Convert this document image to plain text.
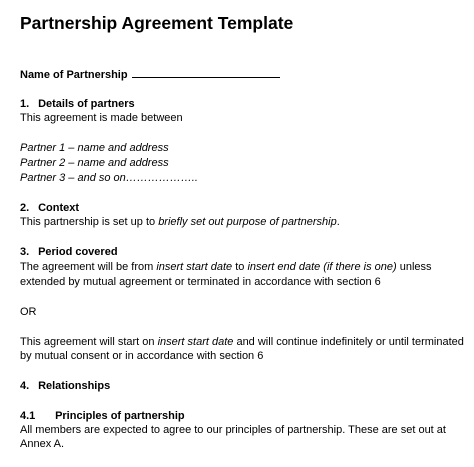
Partnership Agreement Template
Name of Partnership
1. Details of partners
This agreement is made between
Partner 1 – name and address
Partner 2 – name and address
Partner 3 – and so on………………..
2. Context
This partnership is set up to briefly set out purpose of partnership.
3. Period covered
The agreement will be from insert start date to insert end date (if there is one) unless
extended by mutual agreement or terminated in accordance with section 6
OR
This agreement will start on insert start date and will continue indefinitely or until terminated
by mutual consent or in accordance with section 6
4. Relationships
4.1 Principles of partnership
All members are expected to agree to our principles of partnership. These are set out at
Annex A.
